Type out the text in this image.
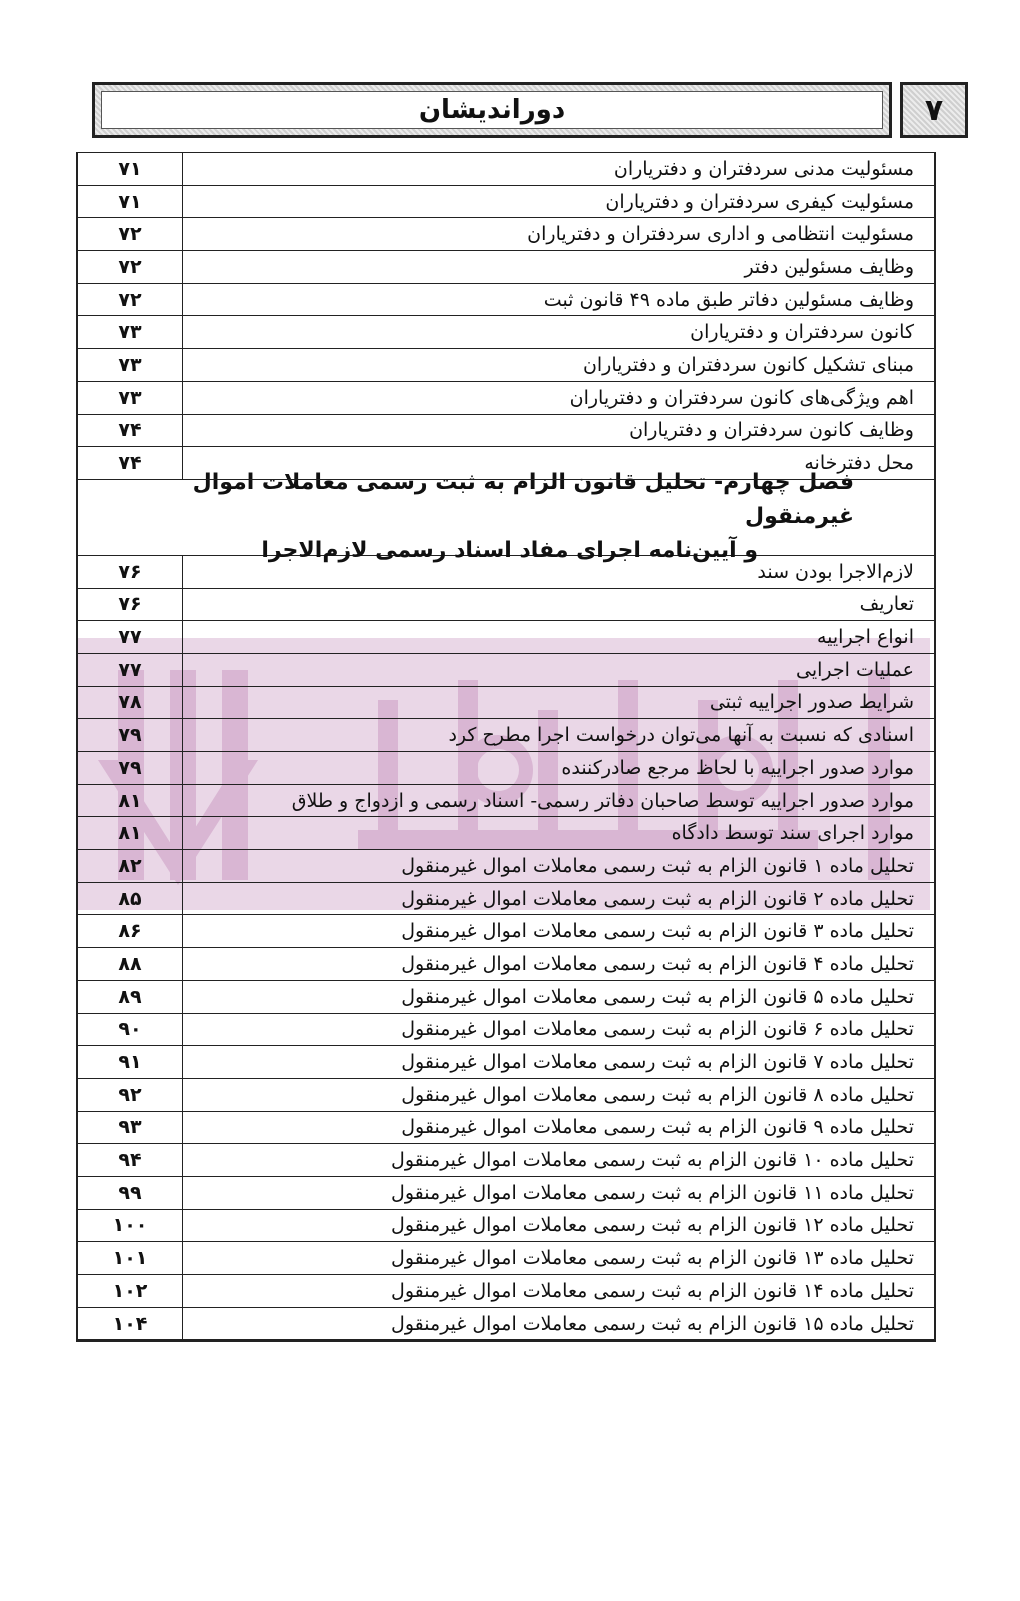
دوراندیشان	۷
۷۱	مسئولیت مدنی سردفتران و دفتریاران
۷۱	مسئولیت کیفری سردفتران و دفتریاران
۷۲	مسئولیت انتظامی و اداری سردفتران و دفتریاران
۷۲	وظایف مسئولین دفتر
۷۲	وظایف مسئولین دفاتر طبق ماده ۴۹ قانون ثبت
۷۳	کانون سردفتران و دفتریاران
۷۳	مبنای تشکیل کانون سردفتران و دفتریاران
۷۳	اهم ویژگی‌های کانون سردفتران و دفتریاران
۷۴	وظایف کانون سردفتران و دفتریاران
۷۴	محل دفترخانه
فصل چهارم- تحلیل قانون الزام به ثبت رسمی معاملات اموال غیرمنقول
و آیین‌نامه اجرای مفاد اسناد رسمی لازم‌الاجرا
۷۶	لازم‌الاجرا بودن سند
۷۶	تعاریف
۷۷	انواع اجراییه
۷۷	عملیات اجرایی
۷۸	شرایط صدور اجراییه ثبتی
۷۹	اسنادی که نسبت به آنها می‌توان درخواست اجرا مطرح کرد
۷۹	موارد صدور اجراییه با لحاظ مرجع صادرکننده
۸۱	موارد صدور اجراییه توسط صاحبان دفاتر رسمی- اسناد رسمی و ازدواج و طلاق
۸۱	موارد اجرای سند توسط دادگاه
۸۲	تحلیل ماده ۱ قانون الزام به ثبت رسمی معاملات اموال غیرمنقول
۸۵	تحلیل ماده ۲ قانون الزام به ثبت رسمی معاملات اموال غیرمنقول
۸۶	تحلیل ماده ۳ قانون الزام به ثبت رسمی معاملات اموال غیرمنقول
۸۸	تحلیل ماده ۴ قانون الزام به ثبت رسمی معاملات اموال غیرمنقول
۸۹	تحلیل ماده ۵ قانون الزام به ثبت رسمی معاملات اموال غیرمنقول
۹۰	تحلیل ماده ۶ قانون الزام به ثبت رسمی معاملات اموال غیرمنقول
۹۱	تحلیل ماده ۷ قانون الزام به ثبت رسمی معاملات اموال غیرمنقول
۹۲	تحلیل ماده ۸ قانون الزام به ثبت رسمی معاملات اموال غیرمنقول
۹۳	تحلیل ماده ۹ قانون الزام به ثبت رسمی معاملات اموال غیرمنقول
۹۴	تحلیل ماده ۱۰ قانون الزام به ثبت رسمی معاملات اموال غیرمنقول
۹۹	تحلیل ماده ۱۱ قانون الزام به ثبت رسمی معاملات اموال غیرمنقول
۱۰۰	تحلیل ماده ۱۲ قانون الزام به ثبت رسمی معاملات اموال غیرمنقول
۱۰۱	تحلیل ماده ۱۳ قانون الزام به ثبت رسمی معاملات اموال غیرمنقول
۱۰۲	تحلیل ماده ۱۴ قانون الزام به ثبت رسمی معاملات اموال غیرمنقول
۱۰۴	تحلیل ماده ۱۵ قانون الزام به ثبت رسمی معاملات اموال غیرمنقول
